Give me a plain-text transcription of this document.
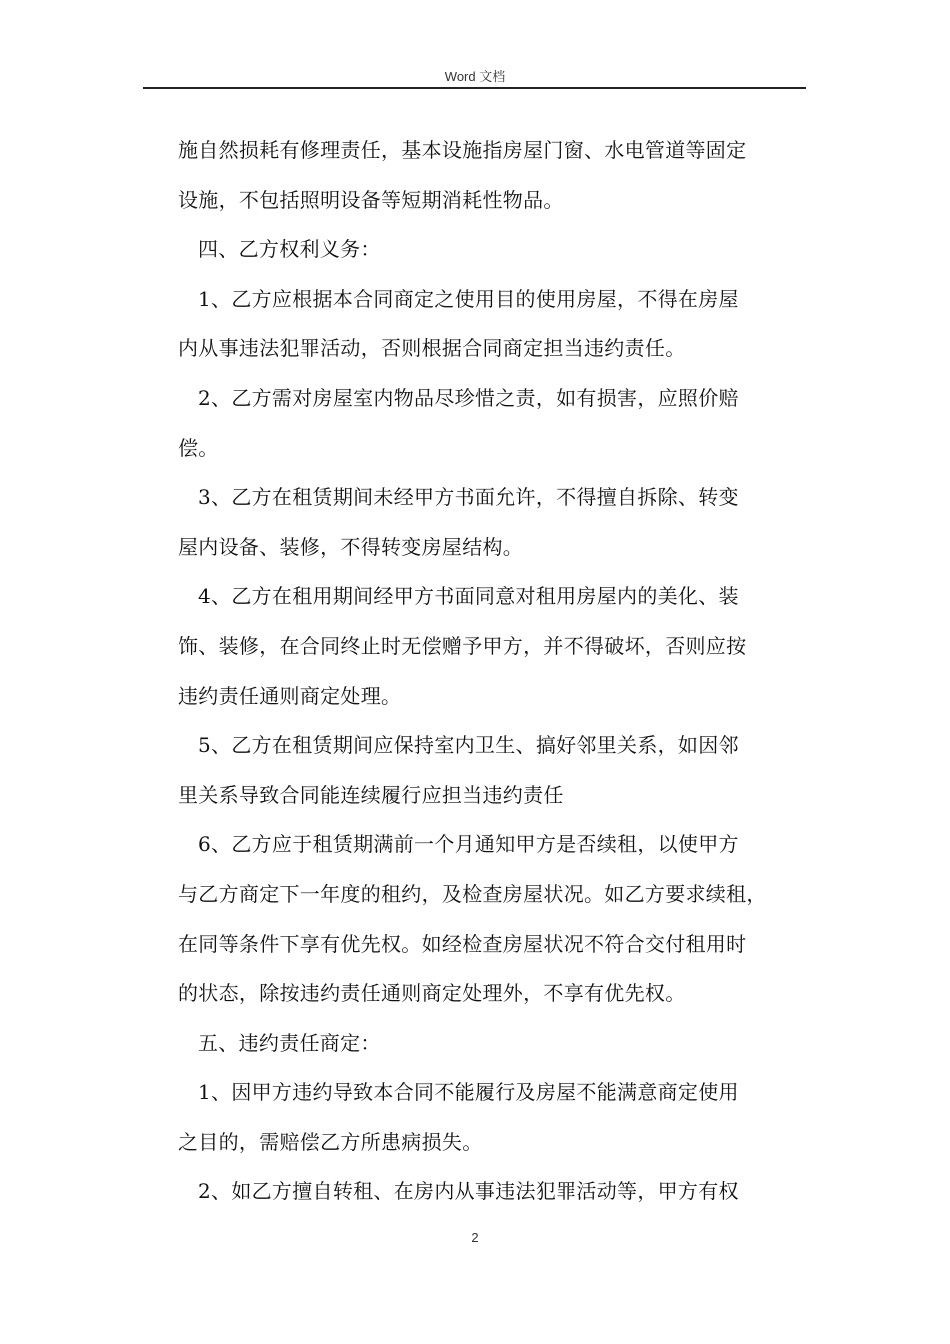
Word 文档
施自然损耗有修理责任，基本设施指房屋门窗、水电管道等固定
设施，不包括照明设备等短期消耗性物品。
四、乙方权利义务：
1、乙方应根据本合同商定之使用目的使用房屋，不得在房屋
内从事违法犯罪活动，否则根据合同商定担当违约责任。
2、乙方需对房屋室内物品尽珍惜之责，如有损害，应照价赔
偿。
3、乙方在租赁期间未经甲方书面允许，不得擅自拆除、转变
屋内设备、装修，不得转变房屋结构。
4、乙方在租用期间经甲方书面同意对租用房屋内的美化、装
饰、装修，在合同终止时无偿赠予甲方，并不得破坏，否则应按
违约责任通则商定处理。
5、乙方在租赁期间应保持室内卫生、搞好邻里关系，如因邻
里关系导致合同能连续履行应担当违约责任
6、乙方应于租赁期满前一个月通知甲方是否续租，以使甲方
与乙方商定下一年度的租约，及检查房屋状况。如乙方要求续租，
在同等条件下享有优先权。如经检查房屋状况不符合交付租用时
的状态，除按违约责任通则商定处理外，不享有优先权。
五、违约责任商定：
1、因甲方违约导致本合同不能履行及房屋不能满意商定使用
之目的，需赔偿乙方所患病损失。
2、如乙方擅自转租、在房内从事违法犯罪活动等，甲方有权
2
